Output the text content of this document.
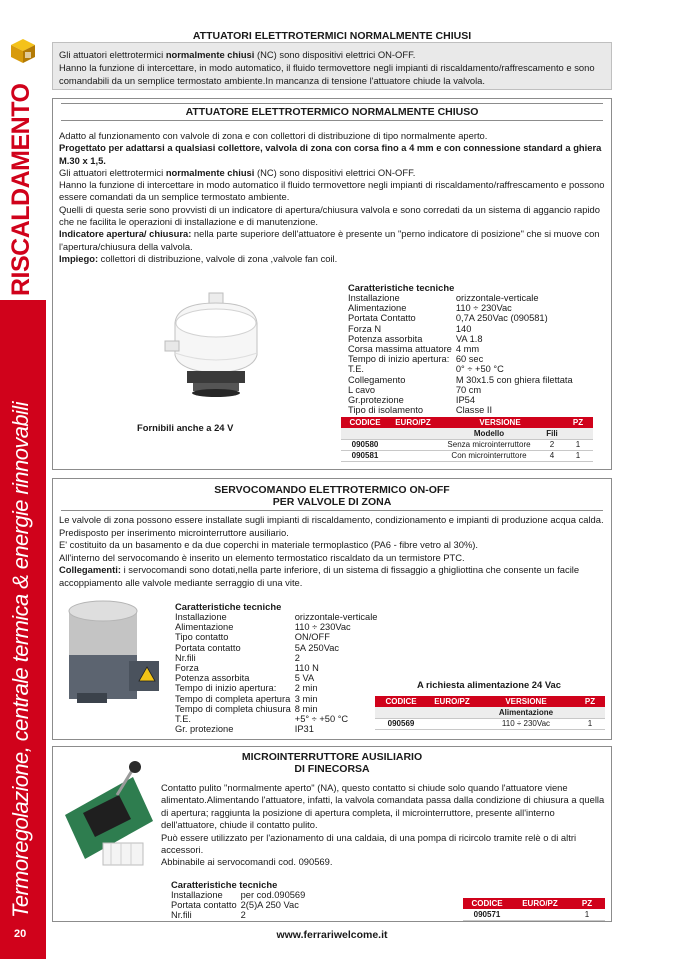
RISCALDAMENTO
Termoregolazione, centrale termica & energie rinnovabili
20
ATTUATORI ELETTROTERMICI NORMALMENTE CHIUSI
Gli attuatori elettrotermici normalmente chiusi (NC) sono dispositivi elettrici ON-OFF.
Hanno la funzione di intercettare, in modo automatico, il fluido termovettore negli impianti di riscaldamento/raffrescamento e sono comandabili da un semplice termostato ambiente.In mancanza di tensione l'attuatore chiude la valvola.
ATTUATORE ELETTROTERMICO NORMALMENTE CHIUSO
Adatto al funzionamento con valvole di zona e con collettori di distribuzione di tipo normalmente aperto.
Progettato per adattarsi a qualsiasi collettore, valvola di zona con corsa fino a 4 mm e con connessione standard a ghiera M.30 x 1,5.
Gli attuatori elettrotermici normalmente chiusi (NC) sono dispositivi elettrici ON-OFF.
Hanno la funzione di intercettare in modo automatico il fluido termovettore negli impianti di riscaldamento/raffrescamento e possono essere comandati da un semplice termostato ambiente.
Quelli di questa serie sono provvisti di un indicatore di apertura/chiusura valvola e sono corredati da un sistema di aggancio rapido che ne facilita le operazioni di installazione e di manutenzione.
Indicatore apertura/ chiusura: nella parte superiore dell'attuatore è presente un "perno indicatore di posizione" che si muove con l'apertura/chiusura della valvola.
Impiego: collettori di distribuzione, valvole di zona ,valvole fan coil.
Fornibili anche a 24 V
Caratteristiche tecniche
Installazione	orizzontale-verticale
Alimentazione	110 ÷ 230Vac
Portata Contatto	0,7A 250Vac (090581)
Forza N	140
Potenza assorbita	VA 1.8
Corsa massima attuatore	4 mm
Tempo di inizio apertura:	60 sec
T.E.	0° ÷ +50 °C
Collegamento	M 30x1.5 con ghiera filettata
L cavo	70 cm
Gr.protezione	IP54
Tipo di isolamento	Classe II
CODICE	EURO/PZ	VERSIONE		PZ
		Modello	Fili	
090580		Senza microinterruttore	2	1
090581		Con microinterruttore	4	1
SERVOCOMANDO ELETTROTERMICO ON-OFF
PER VALVOLE DI ZONA
Le valvole di zona possono essere installate sugli impianti di riscaldamento, condizionamento e impianti di produzione acqua calda. Predisposto per inserimento microinterruttore ausiliario.
E' costituito da un basamento e da due coperchi in materiale termoplastico (PA6 - fibre vetro al 30%).
All'interno del servocomando è inserito un elemento termostatico riscaldato da un termistore PTC.
Collegamenti: i servocomandi sono dotati,nella parte inferiore, di un sistema di fissaggio a ghigliottina che consente un facile accoppiamento alle valvole mediante serraggio di una vite.
Caratteristiche tecniche
Installazione	orizzontale-verticale
Alimentazione	110 ÷ 230Vac
Tipo contatto	ON/OFF
Portata contatto	5A 250Vac
Nr.fili	2
Forza	110 N
Potenza assorbita	5 VA
Tempo di inizio apertura:	2 min
Tempo di completa apertura	3 min
Tempo di completa chiusura	8 min
T.E.	+5° ÷ +50 °C
Gr. protezione	IP31
A richiesta alimentazione 24 Vac
CODICE	EURO/PZ	VERSIONE	PZ
		Alimentazione	
090569		110 ÷ 230Vac	1
MICROINTERRUTTORE AUSILIARIO
DI FINECORSA
Contatto pulito "normalmente aperto" (NA), questo contatto si chiude solo quando l'attuatore viene alimentato.Alimentando l'attuatore, infatti, la valvola comandata passa dalla condizione di chiusura a quella di apertura; raggiunta la posizione di apertura completa, il microinterruttore, presente all'interno dell'attuatore, chiude il contatto pulito.
Può essere utilizzato per l'azionamento di una caldaia, di una pompa di ricircolo tramite relè o di altri accessori.
Abbinabile ai servocomandi cod. 090569.
Caratteristiche tecniche
Installazione	per cod.090569
Portata contatto	2(5)A 250 Vac
Nr.fili	2
CODICE	EURO/PZ	PZ
090571		1
www.ferrariwelcome.it
